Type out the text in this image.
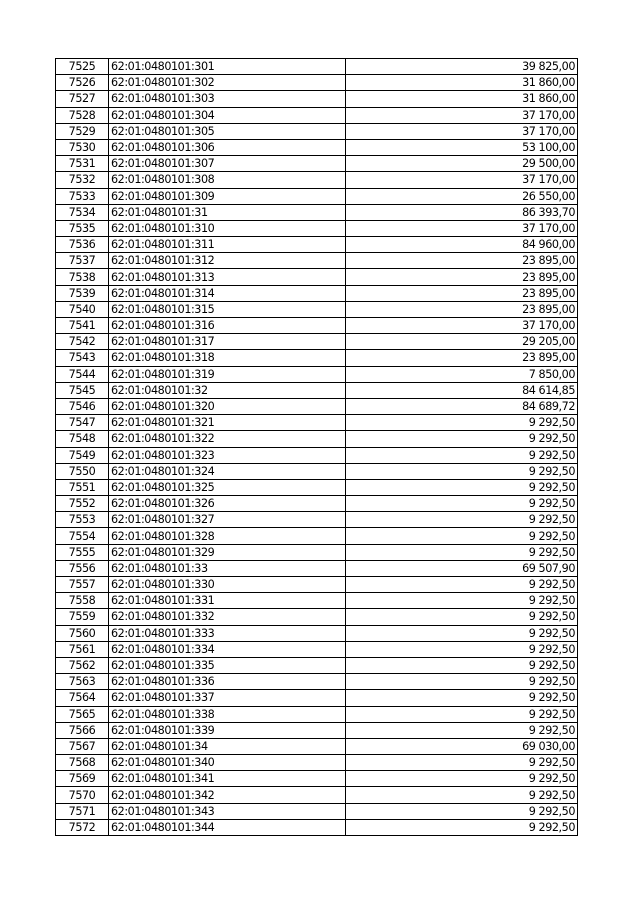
7525	62:01:0480101:301	39 825,00
7526	62:01:0480101:302	31 860,00
7527	62:01:0480101:303	31 860,00
7528	62:01:0480101:304	37 170,00
7529	62:01:0480101:305	37 170,00
7530	62:01:0480101:306	53 100,00
7531	62:01:0480101:307	29 500,00
7532	62:01:0480101:308	37 170,00
7533	62:01:0480101:309	26 550,00
7534	62:01:0480101:31	86 393,70
7535	62:01:0480101:310	37 170,00
7536	62:01:0480101:311	84 960,00
7537	62:01:0480101:312	23 895,00
7538	62:01:0480101:313	23 895,00
7539	62:01:0480101:314	23 895,00
7540	62:01:0480101:315	23 895,00
7541	62:01:0480101:316	37 170,00
7542	62:01:0480101:317	29 205,00
7543	62:01:0480101:318	23 895,00
7544	62:01:0480101:319	7 850,00
7545	62:01:0480101:32	84 614,85
7546	62:01:0480101:320	84 689,72
7547	62:01:0480101:321	9 292,50
7548	62:01:0480101:322	9 292,50
7549	62:01:0480101:323	9 292,50
7550	62:01:0480101:324	9 292,50
7551	62:01:0480101:325	9 292,50
7552	62:01:0480101:326	9 292,50
7553	62:01:0480101:327	9 292,50
7554	62:01:0480101:328	9 292,50
7555	62:01:0480101:329	9 292,50
7556	62:01:0480101:33	69 507,90
7557	62:01:0480101:330	9 292,50
7558	62:01:0480101:331	9 292,50
7559	62:01:0480101:332	9 292,50
7560	62:01:0480101:333	9 292,50
7561	62:01:0480101:334	9 292,50
7562	62:01:0480101:335	9 292,50
7563	62:01:0480101:336	9 292,50
7564	62:01:0480101:337	9 292,50
7565	62:01:0480101:338	9 292,50
7566	62:01:0480101:339	9 292,50
7567	62:01:0480101:34	69 030,00
7568	62:01:0480101:340	9 292,50
7569	62:01:0480101:341	9 292,50
7570	62:01:0480101:342	9 292,50
7571	62:01:0480101:343	9 292,50
7572	62:01:0480101:344	9 292,50
